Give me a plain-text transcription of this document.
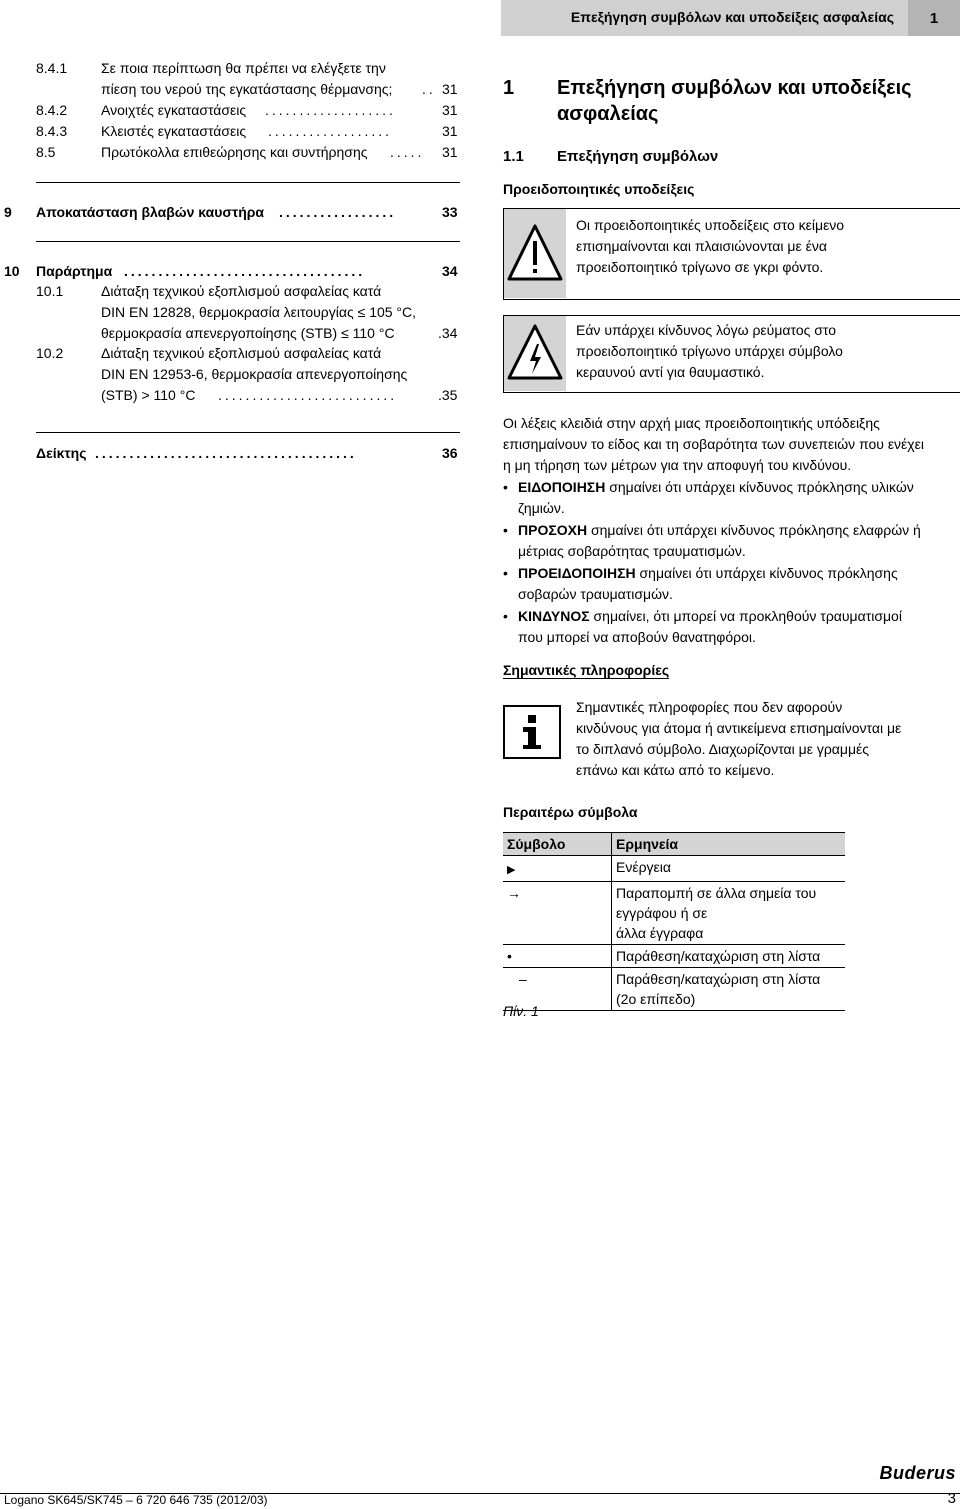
Επεξήγηση συμβόλων και υποδείξεις ασφαλείας	1
8.4.1 Σε ποια περίπτωση θα πρέπει να ελέγξετε την
πίεση του νερού της εγκατάστασης θέρμανσης; .. 31
8.4.2 Ανοιχτές εγκαταστάσεις ...................	31
8.4.3 Κλειστές εγκαταστάσεις ..................	31
8.5	Πρωτόκολλα επιθεώρησης και συντήρησης ..... 31
9 Αποκατάσταση βλαβών καυστήρα .................	33
10 Παράρτημα ...................................	34
10.1	Διάταξη τεχνικού εξοπλισμού ασφαλείας κατά
DIN EN 12828, θερμοκρασία λειτουργίας ≤ 105 °C,
θερμοκρασία απενεργοποίησης (STB) ≤ 110 °C	.34
10.2	Διάταξη τεχνικού εξοπλισμού ασφαλείας κατά
DIN EN 12953-6, θερμοκρασία απενεργοποίησης
(STB) > 110 °C ..........................	.35
Δείκτης ......................................	36
1 Επεξήγηση συμβόλων και υποδείξεις
ασφαλείας
1.1 Επεξήγηση συμβόλων
Προειδοποιητικές υποδείξεις
Οι προειδοποιητικές υποδείξεις στο κείμενο
επισημαίνονται και πλαισιώνονται με ένα
προειδοποιητικό τρίγωνο σε γκρι φόντο.
Εάν υπάρχει κίνδυνος λόγω ρεύματος στο
προειδοποιητικό τρίγωνο υπάρχει σύμβολο
κεραυνού αντί για θαυμαστικό.
Οι λέξεις κλειδιά στην αρχή μιας προειδοποιητικής υπόδειξης
επισημαίνουν το είδος και τη σοβαρότητα των συνεπειών που ενέχει
η μη τήρηση των μέτρων για την αποφυγή του κινδύνου.
• ΕΙΔΟΠΟΙΗΣΗ σημαίνει ότι υπάρχει κίνδυνος πρόκλησης υλικών
ζημιών.
• ΠΡΟΣΟΧΗ σημαίνει ότι υπάρχει κίνδυνος πρόκλησης ελαφρών ή
μέτριας σοβαρότητας τραυματισμών.
• ΠΡΟΕΙΔΟΠΟΙΗΣΗ σημαίνει ότι υπάρχει κίνδυνος πρόκλησης
σοβαρών τραυματισμών.
• ΚΙΝΔΥΝΟΣ σημαίνει, ότι μπορεί να προκληθούν τραυματισμοί
που μπορεί να αποβούν θανατηφόροι.
Σημαντικές πληροφορίες
Σημαντικές πληροφορίες που δεν αφορούν
κινδύνους για άτομα ή αντικείμενα επισημαίνονται με
το διπλανό σύμβολο. Διαχωρίζονται με γραμμές
επάνω και κάτω από το κείμενο.
Περαιτέρω σύμβολα
Σύμβολο	Ερμηνεία
▶	Ενέργεια
→	Παραπομπή σε άλλα σημεία του εγγράφου ή σε
άλλα έγγραφα

•	Παράθεση/καταχώριση στη λίστα
–	Παράθεση/καταχώριση στη λίστα
(2ο επίπεδο)
Πίν. 1
Logano SK645/SK745 – 6 720 646 735 (2012/03)	3
Buderus
